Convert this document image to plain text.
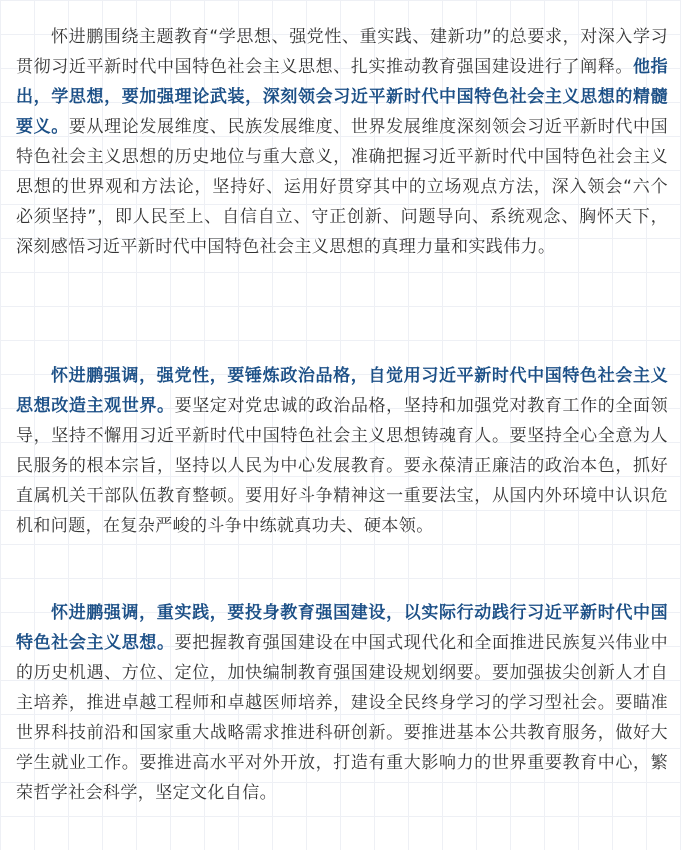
怀进鹏围绕主题教育“学思想、强党性、重实践、建新功”的总要求，对深入学习贯彻习近平新时代中国特色社会主义思想、扎实推动教育强国建设进行了阐释。他指出，学思想，要加强理论武装，深刻领会习近平新时代中国特色社会主义思想的精髓要义。要从理论发展维度、民族发展维度、世界发展维度深刻领会习近平新时代中国特色社会主义思想的历史地位与重大意义，准确把握习近平新时代中国特色社会主义思想的世界观和方法论，坚持好、运用好贯穿其中的立场观点方法，深入领会“六个必须坚持”，即人民至上、自信自立、守正创新、问题导向、系统观念、胸怀天下，深刻感悟习近平新时代中国特色社会主义思想的真理力量和实践伟力。

怀进鹏强调，强党性，要锤炼政治品格，自觉用习近平新时代中国特色社会主义思想改造主观世界。要坚定对党忠诚的政治品格，坚持和加强党对教育工作的全面领导，坚持不懈用习近平新时代中国特色社会主义思想铸魂育人。要坚持全心全意为人民服务的根本宗旨，坚持以人民为中心发展教育。要永葆清正廉洁的政治本色，抓好直属机关干部队伍教育整顿。要用好斗争精神这一重要法宝，从国内外环境中认识危机和问题，在复杂严峻的斗争中练就真功夫、硬本领。

怀进鹏强调，重实践，要投身教育强国建设，以实际行动践行习近平新时代中国特色社会主义思想。要把握教育强国建设在中国式现代化和全面推进民族复兴伟业中的历史机遇、方位、定位，加快编制教育强国建设规划纲要。要加强拔尖创新人才自主培养，推进卓越工程师和卓越医师培养，建设全民终身学习的学习型社会。要瞄准世界科技前沿和国家重大战略需求推进科研创新。要推进基本公共教育服务，做好大学生就业工作。要推进高水平对外开放，打造有重大影响力的世界重要教育中心，繁荣哲学社会科学，坚定文化自信。
